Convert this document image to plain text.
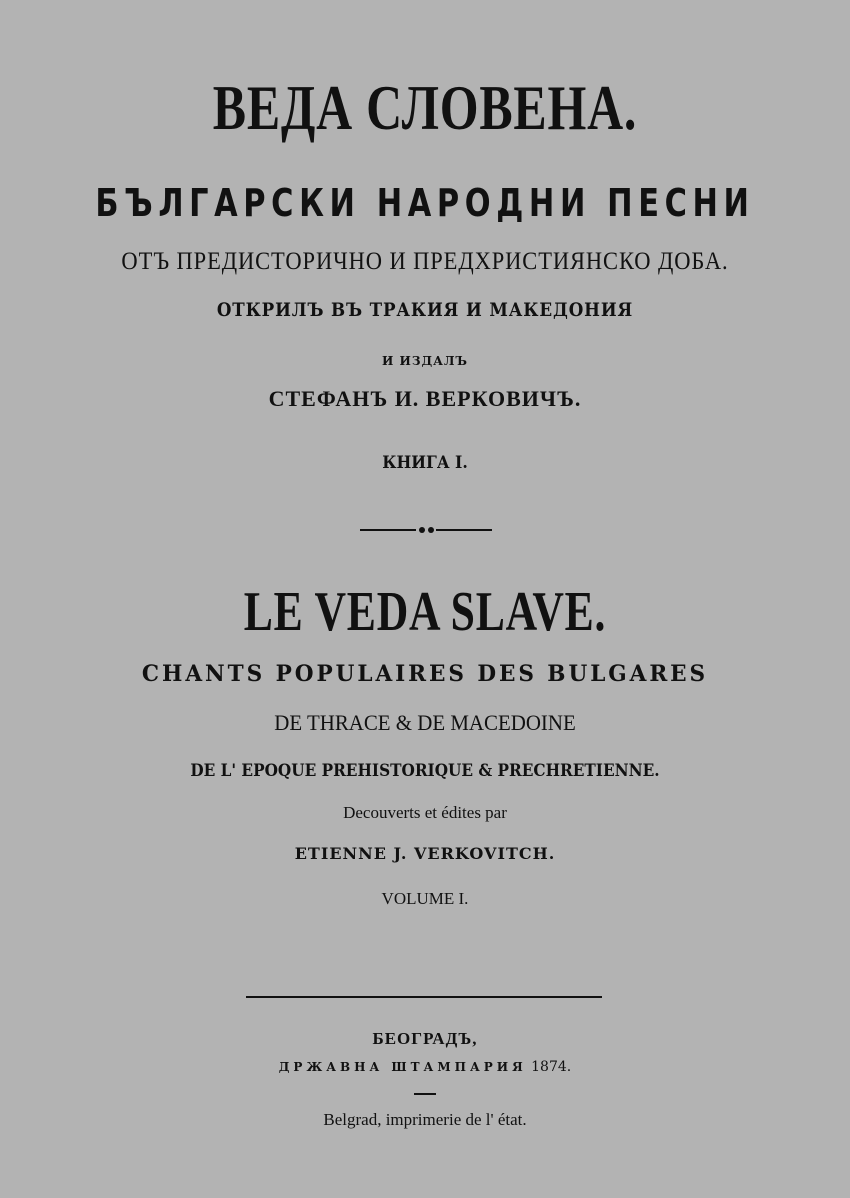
ВЕДА СЛОВЕНА.
БЪЛГАРСКИ НАРОДНИ ПЕСНИ
ОТЪ ПРЕДИСТОРИЧНО И ПРЕДХРИСТИЯНСКО ДОБА.
ОТКРИЛЪ ВЪ ТРАКИЯ И МАКЕДОНИЯ
И ИЗДАЛЪ
СТЕФАНЪ И. ВЕРКОВИЧЪ.
КНИГА I.
LE VEDA SLAVE.
CHANTS POPULAIRES DES BULGARES
DE THRACE & DE MACEDOINE
DE L' EPOQUE PREHISTORIQUE & PRECHRETIENNE.
Decouverts et édites par
ETIENNE J. VERKOVITCH.
VOLUME I.
БЕОГРАДЪ,
ДРЖАВНА ШТАМПАРИЯ 1874.
Belgrad, imprimerie de l' état.
